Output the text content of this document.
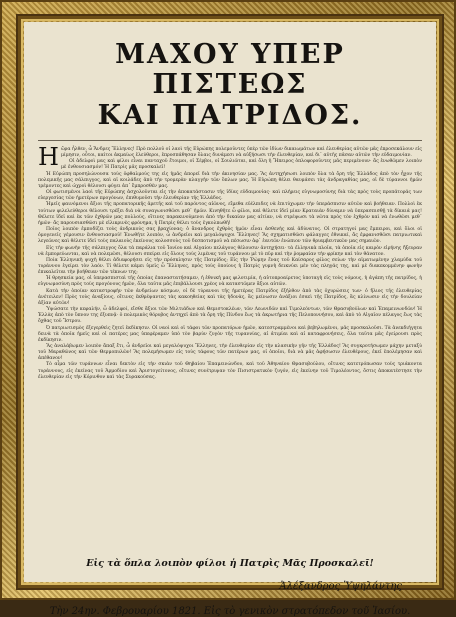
ΜΑΧΟΥ ΥΠΕΡ ΠΙΣΤΕΩΣ
ΚΑΙ ΠΑΤΡΙΔΟΣ.

Ηὥρα ἦλθεν, ὦ Ἄνδρες Ἕλληνες! Πρὸ πολλοῦ οἱ λαοὶ τῆς Εὐρώπης πολεμοῦντες ὑπὲρ τῶν ἰδίων δικαιωμάτων καὶ ἐλευθερίας αὐτῶν μᾶς ἐπροσεκάλουν εἰς μίμησιν, οὗτοι, καίτοι ἀκμαίως ἐλεύθεροι, ἐπροσπάθησαν ὅλαις δυνάμεσι νὰ αὐξήσωσι τὴν ἐλευθερίαν, καὶ δι᾽ αὐτῆς πᾶσαν αὐτῶν τὴν εὐδαιμονίαν.

Οἱ ἀδελφοὶ μας καὶ φίλοι εἶναι πανταχοῦ ἕτοιμοι, οἱ Σέρβοι, οἱ Σουλιῶται, καὶ ὅλη ἡ Ἤπειρος ὁπλοφοροῦντες μᾶς περιμένουν· ἂς ἐνωθῶμεν λοιπὸν μὲ ἐνθουσιασμόν! Ἡ Πατρὶς μᾶς προσκαλεῖ!

Ἡ Εὐρώπη προσηλώνουσα τοὺς ὀφθαλμούς της εἰς ἡμᾶς ἀπορεῖ διὰ τὴν ἀκινησίαν μας. Ἂς ἀντηχήσωσι λοιπὸν ὅλα τὰ ὄρη τῆς Ἑλλάδος ἀπὸ τὸν ἦχον τῆς πολεμικῆς μας σάλπιγγος, καὶ αἱ κοιλάδες ἀπὸ τὴν τρομερὰν κλαγγὴν τῶν ὅπλων μας. Ἡ Εὐρώπη θέλει θαυμάσει τὰς ἀνδραγαθίας μας, οἱ δὲ τύραννοι ἡμῶν τρέμοντες καὶ ὠχροὶ θέλουσι φύγει ἀπ᾽ ἔμπροσθέν μας.

Οἱ φωτισμένοι λαοὶ τῆς Εὐρώπης ἀσχολοῦνται εἰς τὴν ἀποκατάστασιν τῆς ἰδίας εὐδαιμονίας· καὶ πλήρεις εὐγνωμοσύνης διὰ τὰς πρὸς τοὺς προπάτοράς των εὐεργεσίας τῶν ἡμετέρων προγόνων, ἐπιθυμοῦσι τὴν ἐλευθερίαν τῆς Ἑλλάδος.

Ἡμεῖς φαινόμενοι ἄξιοι τῆς προπατορικῆς ἀρετῆς καὶ τοῦ παρόντος αἰῶνος, εἴμεθα εὐέλπιδες νὰ ἐπιτύχωμεν τὴν ὑπεράσπισιν αὐτῶν καὶ βοήθειαν. Πολλοὶ ἐκ τούτων φιλελεύθεροι θέλουσι τρέξει διὰ νὰ συναγωνισθῶσι μεθ᾽ ἡμῶν. Κινηθῆτε ὦ φίλοι, καὶ θέλετε ἰδεῖ μίαν Κραταιὰν δύναμιν νὰ ὑπερασπισθῇ τὰ δίκαιά μας! Θέλετε ἰδεῖ καὶ ἐκ τῶν ἐχθρῶν μας πολλοὺς, οἵτινες παρακινούμενοι ἀπὸ τὴν δικαίαν μας αἰτίαν, νὰ στρέψωσι τὰ νῶτα πρὸς τὸν ἐχθρὸν καὶ νὰ ἑνωθῶσι μεθ᾽ ἡμῶν· ἂς παρουσιασθῶσι μὲ εἰλικρινὲς φρόνημα, ἡ Πατρὶς θέλει τοὺς ἐγκολπωθῆ!

Ποῖος λοιπὸν ἐμποδίζει τοὺς ἀνδρικούς σας βραχίονας; ὁ ἄνανδρος ἐχθρὸς ἡμῶν εἶναι ἀσθενὴς καὶ ἀδύνατος. Οἱ στρατηγοί μας ἔμπειροι, καὶ ὅλοι οἱ ὁμογενεῖς γέμουσιν ἐνθουσιασμοῦ! Ἑνωθῆτε λοιπὸν, ὦ ἀνδρεῖοι καὶ μεγαλόψυχοι Ἕλληνες! Ἂς σχηματισθῶσι φάλαγγες ἐθνικαί, ἂς ἐμφανισθῶσι πατριωτικαὶ λεγεῶνες καὶ θέλετε ἰδεῖ τοὺς παλαιοὺς ἐκείνους κολοσσοὺς τοῦ δεσποτισμοῦ νὰ πέσωσιν ἀφ᾽ ἑαυτῶν ἐνώπιον τῶν θριαμβευτικῶν μας σημαιῶν.

Εἰς τὴν φωνὴν τῆς σάλπιγγος ὅλα τὰ παράλια τοῦ Ἰονίου καὶ Αἰγαίου πελάγους θέλουσιν ἀντηχήσει· τὰ ἑλληνικὰ πλοῖα, τὰ ὁποῖα εἰς καιρὸν εἰρήνης ἤξευραν νὰ ἐμπορεύωνται, καὶ νὰ πολεμῶσι, θέλουσι σπείρει εἰς ὅλους τοὺς λιμένας τοῦ τυράννου μὲ τὸ πῦρ καὶ τὴν ῥομφαίαν τὴν φρίκην καὶ τὸν θάνατον.

Ποία Ἑλληνικὴ ψυχὴ θέλει ἀδιαφορήσει εἰς τὴν πρόσκλησιν τῆς Πατρίδος; Εἰς τὴν Ῥώμην ἕνας τοῦ Καίσαρος φίλος σείων τὴν αἱματωμένην χλαμύδα τοῦ τυράννου ἐγείρει τὸν λαόν. Τί θέλετε κάμει ὑμεῖς ὦ Ἕλληνες, πρὸς τοὺς ὁποίους ἡ Πατρὶς γυμνὴ δεικνύει μὲν τὰς πληγάς της, καὶ μὲ διακεκομμένην φωνὴν ἐπικαλεῖται τὴν βοήθειαν τῶν τέκνων της;

Ἡ θρησκεία μας, οἱ ὑπερασπισταὶ τῆς ὁποίας ἐπαναστατήσαμεν, ἡ ἐθνική μας φιλοτιμία, ἡ αὐτοπροαίρετος ὑποταγὴ εἰς τοὺς νόμους, ἡ ἀγάπη τῆς πατρίδος, ἡ εὐγνωμοσύνη πρὸς τοὺς προγόνους ἡμῶν, ὅλα ταῦτα μᾶς ἐπιβάλλουσι χρέος νὰ καταστῶμεν ἄξιοι αὐτῶν.

Κατὰ τὴν ὁποίαν καταστροφὴν τῶν ἀνδρείων κόσμων, οἱ δὲ τύραννοι τῆς ἡμετέρας Πατρίδος ἐξήλθον ἀπὸ τὰς ὀχυρώσεις των· ὁ ἥλιος τῆς ἐλευθερίας ἀνέτειλεν! Πρὸς τοὺς ἀναξίους, οἵτινες ἐκθρέψαντες τὰς κακοηθείας καὶ τὰς ἡδονὰς, ἂς μείνωσιν ἀνάξιοι ἐσαεὶ τῆς Πατρίδος, ἂς κλίνωσιν εἰς τὴν δουλείαν ἀξίαν αὐτῶν!

Ὑψώσατε τὴν κεφαλήν, ὦ ἀδελφοί, εἴσθε ἄξιοι τῶν Μιλτιάδων καὶ Θεμιστοκλέων, τῶν Λεωνιδῶν καὶ Τιμολεόντων, τῶν Θρασυβούλων καὶ Ἐπαμεινωνδῶν! Ἡ Ἑλλὰς ἀπὸ τὸν ὕπνον της ἐξυπνᾷ· ὁ πολεμικὸς θόρυβος ἀντηχεῖ ἀπὸ τὰ ὄρη τῆς Πίνδου ἕως τὰ ἀκρωτήρια τῆς Πελοποννήσου, καὶ ἀπὸ τὸ Αἰγαῖον πέλαγος ἕως τὰς ὄχθας τοῦ Ἴστρου.

Ὁ πατριωτισμὸς ἐξεγερθεὶς ζητεῖ ἐκδίκησιν. Οἱ ναοὶ καὶ οἱ τάφοι τῶν προπατόρων ἡμῶν, κατεστραμμένοι καὶ βεβηλωμένοι, μᾶς προσκαλοῦσι. Τὰ ἀνεκδιήγητα δεινὰ τὰ ὁποῖα ἡμεῖς καὶ οἱ πατέρες μας ὑπεφέραμεν ὑπὸ τὸν βαρὺν ζυγὸν τῆς τυραννίας, αἱ ἀτιμίαι καὶ αἱ καταφρονήσεις, ὅλα ταῦτα μᾶς ἐγείρουσι πρὸς ἐκδίκησιν.

Ἂς ἀναλάβωμεν λοιπὸν ἅπαξ ἔτι, ὦ ἀνδρεῖοι καὶ μεγαλόψυχοι Ἕλληνες, τὴν ἐλευθερίαν εἰς τὴν κλασικὴν γῆν τῆς Ἑλλάδος! Ἂς συγκροτήσωμεν μάχην μεταξὺ τοῦ Μαραθῶνος καὶ τῶν Θερμοπυλῶν! Ἂς πολεμήσωμεν εἰς τοὺς τάφους τῶν πατέρων μας, οἱ ὁποῖοι, διὰ νὰ μᾶς ἀφήσωσιν ἐλευθέρους, ἐκεῖ ἐπολέμησαν καὶ ἀπέθανον!

Τὸ αἷμα τῶν τυράννων εἶναι δεκτὸν εἰς τὴν σκιὰν τοῦ Θηβαίου Ἐπαμεινώνδου, καὶ τοῦ Ἀθηναίου Θρασυβούλου, οἵτινες κατετρόπωσαν τοὺς τριάκοντα τυράννους, εἰς ἐκείνας τοῦ Ἁρμοδίου καὶ Ἀριστογείτονος, οἵτινες συνέτριψαν τὸν Πισιστρατικὸν ζυγόν, εἰς ἐκείνην τοῦ Τιμολέοντος, ὅστις ἀποκατέστησε τὴν ἐλευθερίαν εἰς τὴν Κόρινθον καὶ τὰς Συρακούσας.

Εἰς τὰ ὅπλα λοιπὸν φίλοι ἡ Πατρὶς Μᾶς Προσκαλεῖ!
Ἀλέξανδρος Ὑψηλάντης
Τὴν 24ην. Φεβρουαρίου 1821. Εἰς τὸ γενικὸν στρατόπεδον τοῦ Ἰασίου.
